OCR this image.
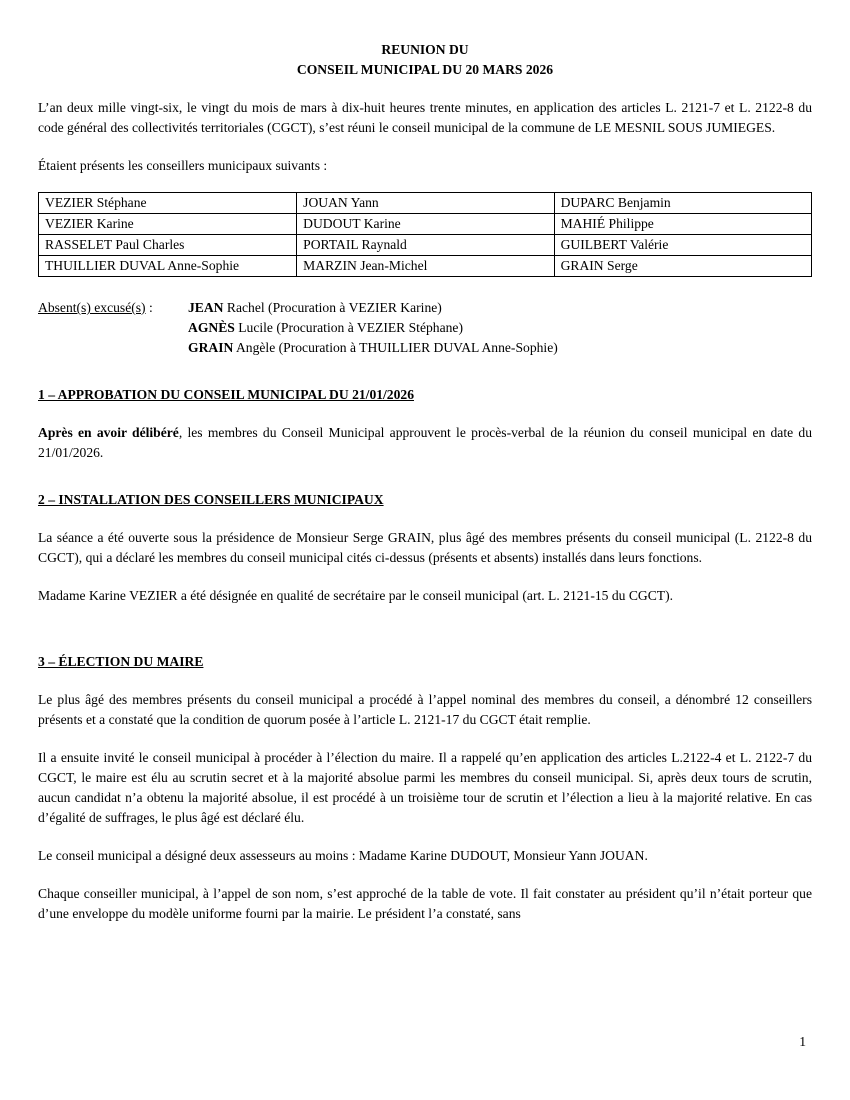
REUNION DU
CONSEIL MUNICIPAL DU 20 MARS 2026

L’an deux mille vingt-six, le vingt du mois de mars à dix-huit heures trente minutes, en application des articles L. 2121-7 et L. 2122-8 du code général des collectivités territoriales (CGCT), s’est réuni le conseil municipal de la commune de LE MESNIL SOUS JUMIEGES.

Étaient présents les conseillers municipaux suivants :

VEZIER Stéphane	JOUAN Yann	DUPARC Benjamin
VEZIER Karine	DUDOUT Karine	MAHIÉ Philippe
RASSELET Paul Charles	PORTAIL Raynald	GUILBERT Valérie
THUILLIER DUVAL Anne-Sophie	MARZIN Jean-Michel	GRAIN Serge
Absent(s) excusé(s) :	JEAN Rachel (Procuration à VEZIER Karine)
AGNÈS Lucile (Procuration à VEZIER Stéphane)
GRAIN Angèle (Procuration à THUILLIER DUVAL Anne-Sophie)
1 – APPROBATION DU CONSEIL MUNICIPAL DU 21/01/2026

Après en avoir délibéré, les membres du Conseil Municipal approuvent le procès-verbal de la réunion du conseil municipal en date du 21/01/2026.

2 – INSTALLATION DES CONSEILLERS MUNICIPAUX

La séance a été ouverte sous la présidence de Monsieur Serge GRAIN, plus âgé des membres présents du conseil municipal (L. 2122-8 du CGCT), qui a déclaré les membres du conseil municipal cités ci-dessus (présents et absents) installés dans leurs fonctions.

Madame Karine VEZIER a été désignée en qualité de secrétaire par le conseil municipal (art. L. 2121-15 du CGCT).

3 – ÉLECTION DU MAIRE

Le plus âgé des membres présents du conseil municipal a procédé à l’appel nominal des membres du conseil, a dénombré 12 conseillers présents et a constaté que la condition de quorum posée à l’article L. 2121-17 du CGCT était remplie.

Il a ensuite invité le conseil municipal à procéder à l’élection du maire. Il a rappelé qu’en application des articles L.2122-4 et L. 2122-7 du CGCT, le maire est élu au scrutin secret et à la majorité absolue parmi les membres du conseil municipal. Si, après deux tours de scrutin, aucun candidat n’a obtenu la majorité absolue, il est procédé à un troisième tour de scrutin et l’élection a lieu à la majorité relative. En cas d’égalité de suffrages, le plus âgé est déclaré élu.

Le conseil municipal a désigné deux assesseurs au moins : Madame Karine DUDOUT, Monsieur Yann JOUAN.

Chaque conseiller municipal, à l’appel de son nom, s’est approché de la table de vote. Il fait constater au président qu’il n’était porteur que d’une enveloppe du modèle uniforme fourni par la mairie. Le président l’a constaté, sans

1
